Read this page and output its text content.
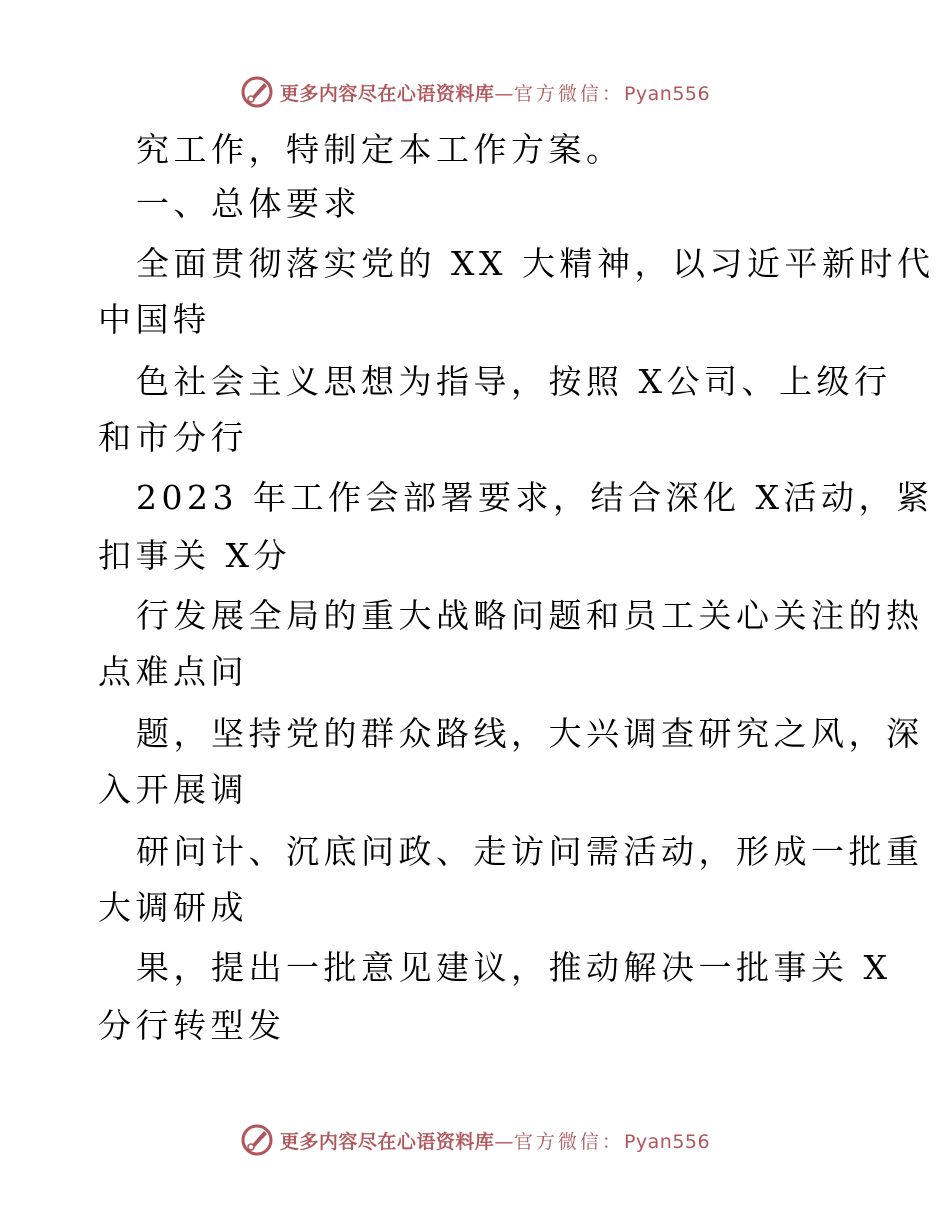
更多内容尽在心语资料库—官方微信：Pyan556
究工作，特制定本工作方案。
一、总体要求
全面贯彻落实党的 XX 大精神，以习近平新时代
中国特
色社会主义思想为指导，按照 X公司、上级行
和市分行
2023 年工作会部署要求，结合深化 X活动，紧
扣事关 X分
行发展全局的重大战略问题和员工关心关注的热
点难点问
题，坚持党的群众路线，大兴调查研究之风，深
入开展调
研问计、沉底问政、走访问需活动，形成一批重
大调研成
果，提出一批意见建议，推动解决一批事关 X
分行转型发
更多内容尽在心语资料库—官方微信：Pyan556
